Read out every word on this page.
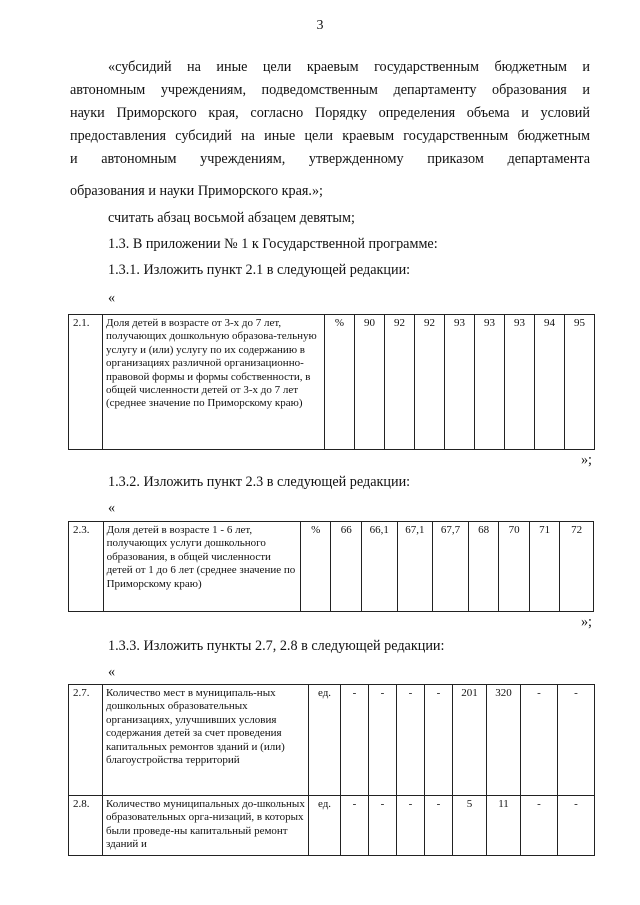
3
«субсидий на иные цели краевым государственным бюджетным и
автономным учреждениям, подведомственным департаменту образования и
науки Приморского края, согласно Порядку определения объема и условий
предоставления субсидий на иные цели краевым государственным бюджетным
и автономным учреждениям, утвержденному приказом департамента
образования и науки Приморского края.»;
считать абзац восьмой абзацем девятым;
1.3. В приложении № 1 к Государственной программе:
1.3.1. Изложить пункт 2.1 в следующей редакции:
«
2.1.	Доля детей в возрасте от 3-х до 7 лет, получающих дошкольную образова-тельную услугу и (или) услугу по их содержанию в организациях различной организационно-правовой формы и формы собственности, в общей численности детей от 3-х до 7 лет (среднее значение по Приморскому краю)	%	90	92	92	93	93	93	94	95
»;
1.3.2. Изложить пункт 2.3 в следующей редакции:
«
2.3.	Доля детей в возрасте 1 - 6 лет, получающих услуги дошкольного образования, в общей численности детей от 1 до 6 лет (среднее значение по Приморскому краю)	%	66	66,1	67,1	67,7	68	70	71	72
»;
1.3.3. Изложить пункты 2.7, 2.8 в следующей редакции:
«
2.7.	Количество мест в муниципаль-ных дошкольных образовательных организациях, улучшивших условия содержания детей за счет проведения капитальных ремонтов зданий и (или) благоустройства территорий	ед.	-	-	-	-	201	320	-	-
2.8.	Количество муниципальных до-школьных образовательных орга-низаций, в которых были проведе-ны капитальный ремонт зданий и	ед.	-	-	-	-	5	11	-	-
